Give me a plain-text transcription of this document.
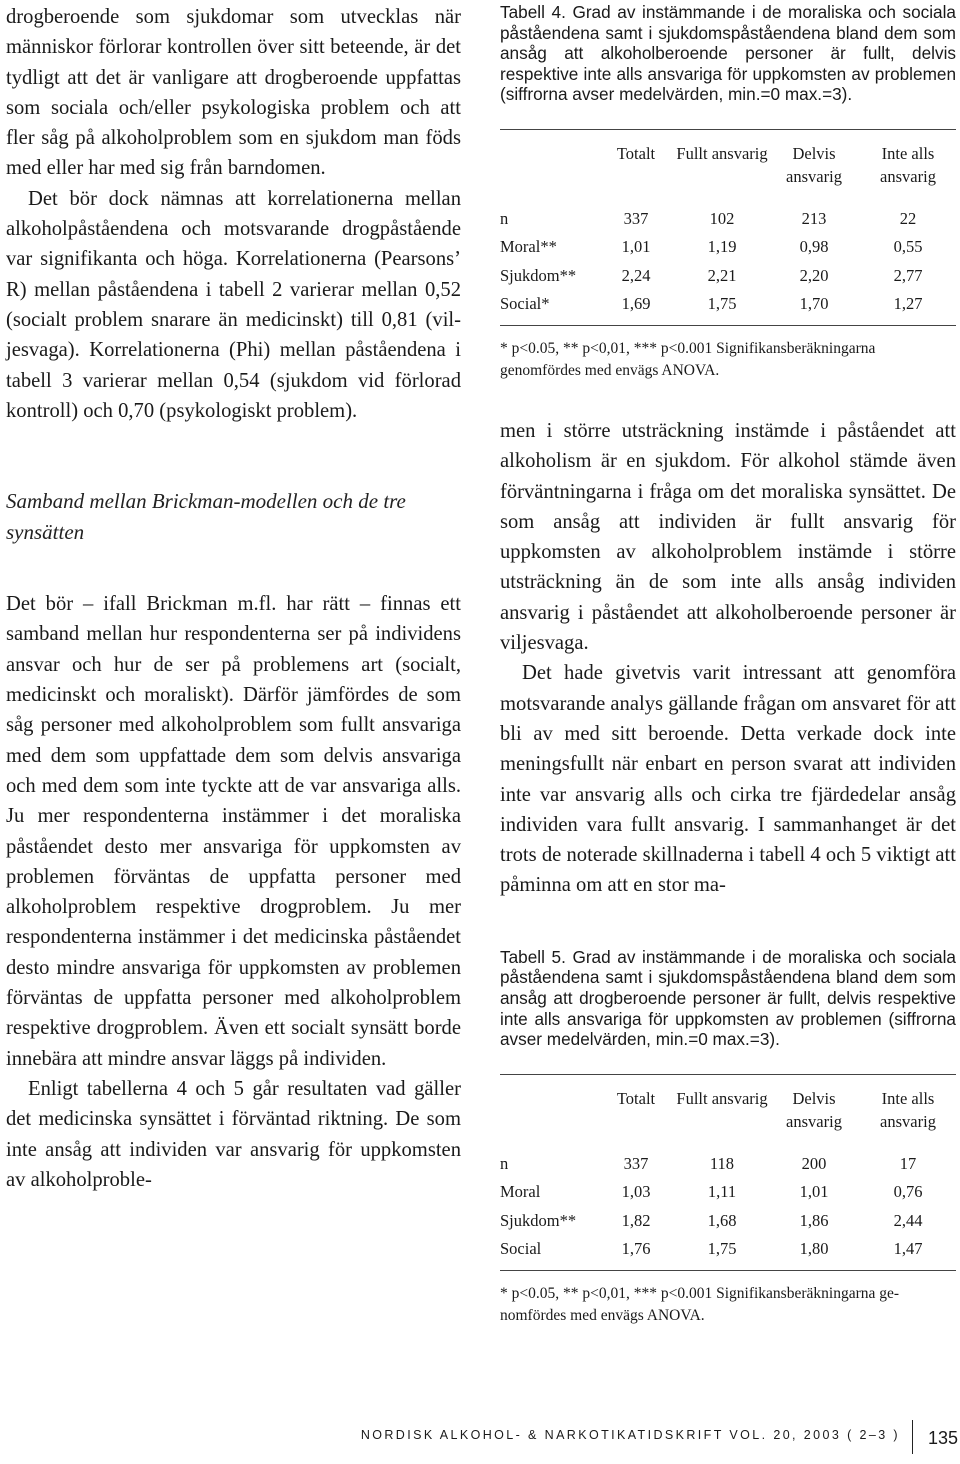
drogberoende som sjukdomar som utvecklas när människor förlorar kontrollen över sitt beteende, är det tydligt att det är vanligare att drogberoende uppfattas som sociala och/eller psykologiska problem och att fler såg på alkoholproblem som en sjukdom man föds med eller har med sig från barndomen.

Det bör dock nämnas att korrelationerna mellan alkoholpåståendena och motsvarande drogpåstående var signifikanta och höga. Korrelationerna (Pearsons’ R) mellan påståendena i tabell 2 varierar mellan 0,52 (socialt problem snarare än medicinskt) till 0,81 (viljesvaga). Korrelationerna (Phi) mellan påståendena i tabell 3 varierar mellan 0,54 (sjukdom vid förlorad kontroll) och 0,70 (psykologiskt problem).

Samband mellan Brickman-modellen och de tre synsätten

Det bör – ifall Brickman m.fl. har rätt – finnas ett samband mellan hur respondenterna ser på individens ansvar och hur de ser på problemens art (socialt, medicinskt och moraliskt). Därför jämfördes de som såg personer med alkoholproblem som fullt ansvariga med dem som uppfattade dem som delvis ansvariga och med dem som inte tyckte att de var ansvariga alls. Ju mer respondenterna instämmer i det moraliska påståendet desto mer ansvariga för uppkomsten av problemen förväntas de uppfatta personer med alkoholproblem respektive drogproblem. Ju mer respondenterna instämmer i det medicinska påståendet desto mindre ansvariga för uppkomsten av problemen förväntas de uppfatta personer med alkoholproblem respektive drogproblem. Även ett socialt synsätt borde innebära att mindre ansvar läggs på individen.

Enligt tabellerna 4 och 5 går resultaten vad gäller det medicinska synsättet i förväntad riktning. De som inte ansåg att individen var ansvarig för uppkomsten av alkoholproble-

Tabell 4. Grad av instämmande i de moraliska och sociala påståendena samt i sjukdomspåståendena bland dem som ansåg att alkoholberoende personer är fullt, delvis respektive inte alls ansvariga för uppkomsten av problemen (siffrorna avser medelvärden, min.=0 max.=3).

	Totalt	Fullt ansvarig	Delvis ansvarig	Inte alls ansvarig
n	337	102	213	22
Moral**	1,01	1,19	0,98	0,55
Sjukdom**	2,24	2,21	2,20	2,77
Social*	1,69	1,75	1,70	1,27

* p<0.05, ** p<0,01, *** p<0.001 Signifikansberäkningarna genomfördes med envägs ANOVA.

men i större utsträckning instämde i påståendet att alkoholism är en sjukdom. För alkohol stämde även förväntningarna i fråga om det moraliska synsättet. De som ansåg att individen är fullt ansvarig för uppkomsten av alkoholproblem instämde i större utsträckning än de som inte alls ansåg individen ansvarig i påståendet att alkoholberoende personer är viljesvaga.

Det hade givetvis varit intressant att genomföra motsvarande analys gällande frågan om ansvaret för att bli av med sitt beroende. Detta verkade dock inte meningsfullt när enbart en person svarat att individen inte var ansvarig alls och cirka tre fjärdedelar ansåg individen vara fullt ansvarig. I sammanhanget är det trots de noterade skillnaderna i tabell 4 och 5 viktigt att påminna om att en stor ma-

Tabell 5. Grad av instämmande i de moraliska och sociala påståendena samt i sjukdomspåståendena bland dem som ansåg att drogberoende personer är fullt, delvis respektive inte alls ansvariga för uppkomsten av problemen (siffrorna avser medelvärden, min.=0 max.=3).

	Totalt	Fullt ansvarig	Delvis ansvarig	Inte alls ansvarig
n	337	118	200	17
Moral	1,03	1,11	1,01	0,76
Sjukdom**	1,82	1,68	1,86	2,44
Social	1,76	1,75	1,80	1,47

* p<0.05, ** p<0,01, *** p<0.001 Signifikansberäkningarna genomfördes med envägs ANOVA.

NORDISK ALKOHOL- & NARKOTIKATIDSKRIFT VOL. 20, 2003 ( 2–3 ) 135
